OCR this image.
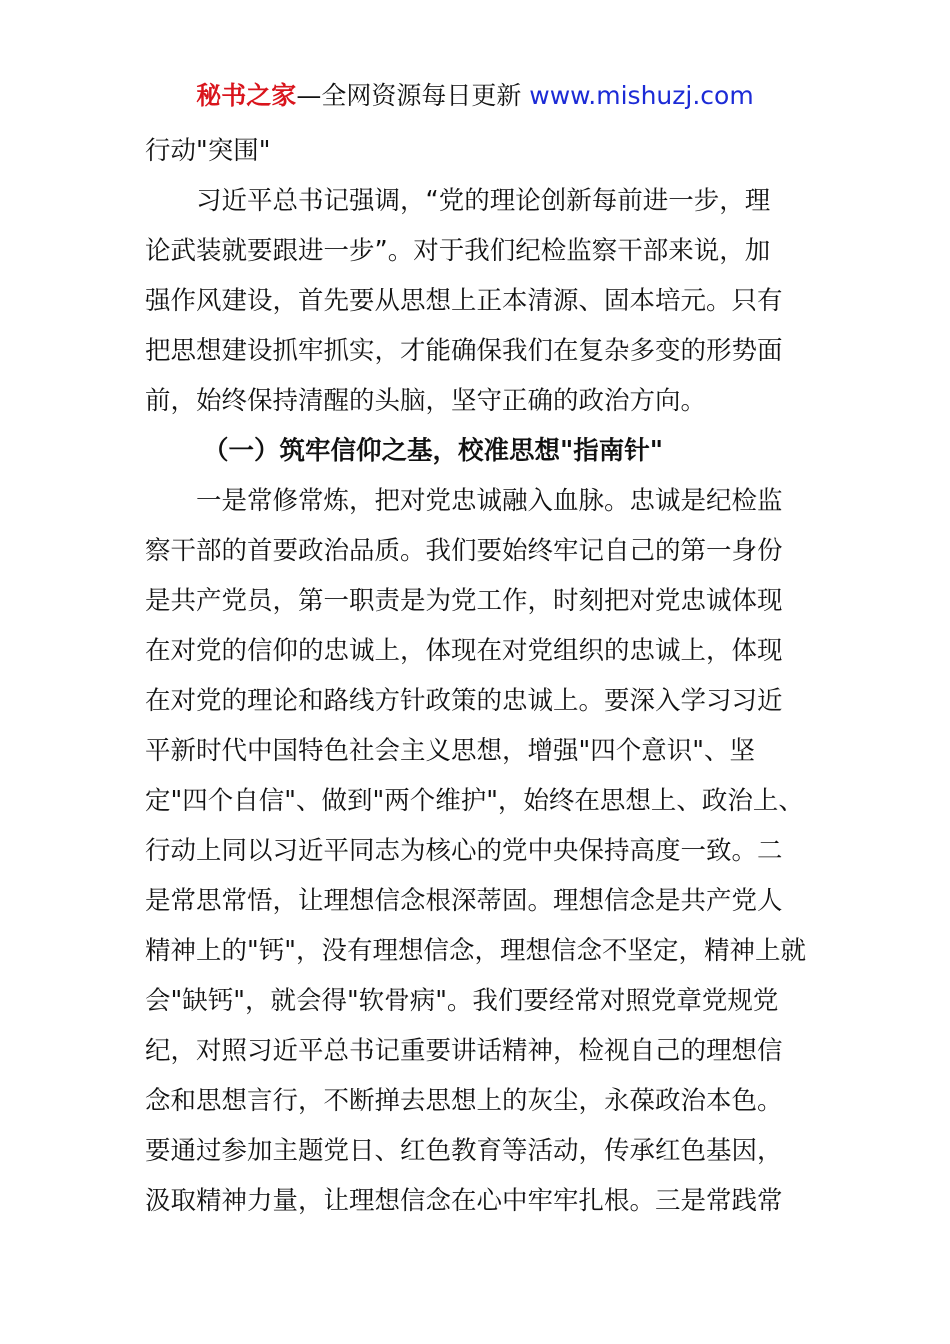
秘书之家—全网资源每日更新 www.mishuzj.com

行动"突围"

习近平总书记强调，“党的理论创新每前进一步，理
论武装就要跟进一步”。对于我们纪检监察干部来说，加
强作风建设，首先要从思想上正本清源、固本培元。只有
把思想建设抓牢抓实，才能确保我们在复杂多变的形势面
前，始终保持清醒的头脑，坚守正确的政治方向。

（一）筑牢信仰之基，校准思想"指南针"

一是常修常炼，把对党忠诚融入血脉。忠诚是纪检监
察干部的首要政治品质。我们要始终牢记自己的第一身份
是共产党员，第一职责是为党工作，时刻把对党忠诚体现
在对党的信仰的忠诚上，体现在对党组织的忠诚上，体现
在对党的理论和路线方针政策的忠诚上。要深入学习习近
平新时代中国特色社会主义思想，增强"四个意识"、坚
定"四个自信"、做到"两个维护"，始终在思想上、政治上、
行动上同以习近平同志为核心的党中央保持高度一致。二
是常思常悟，让理想信念根深蒂固。理想信念是共产党人
精神上的"钙"，没有理想信念，理想信念不坚定，精神上就
会"缺钙"，就会得"软骨病"。我们要经常对照党章党规党
纪，对照习近平总书记重要讲话精神，检视自己的理想信
念和思想言行，不断掸去思想上的灰尘，永葆政治本色。
要通过参加主题党日、红色教育等活动，传承红色基因，
汲取精神力量，让理想信念在心中牢牢扎根。三是常践常
